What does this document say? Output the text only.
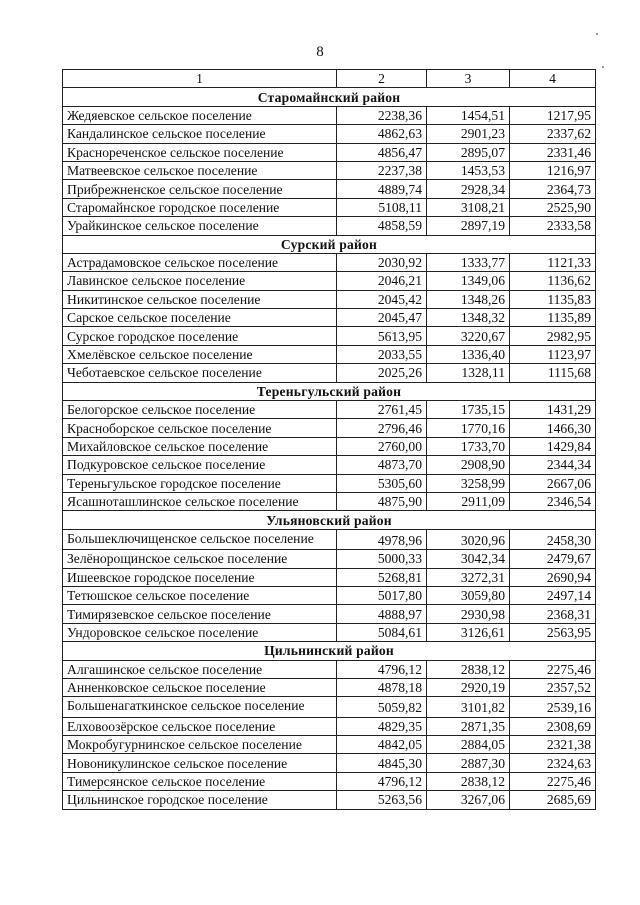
8
1	2	3	4
Старомайнский район			
Жедяевское сельское поселение	2238,36	1454,51	1217,95
Кандалинское сельское поселение	4862,63	2901,23	2337,62
Краснореченское сельское поселение	4856,47	2895,07	2331,46
Матвеевское сельское поселение	2237,38	1453,53	1216,97
Прибрежненское сельское поселение	4889,74	2928,34	2364,73
Старомайнское городское поселение	5108,11	3108,21	2525,90
Урайкинское сельское поселение	4858,59	2897,19	2333,58
Сурский район			
Астрадамовское сельское поселение	2030,92	1333,77	1121,33
Лавинское сельское поселение	2046,21	1349,06	1136,62
Никитинское сельское поселение	2045,42	1348,26	1135,83
Сарское сельское поселение	2045,47	1348,32	1135,89
Сурское городское поселение	5613,95	3220,67	2982,95
Хмелёвское сельское поселение	2033,55	1336,40	1123,97
Чеботаевское сельское поселение	2025,26	1328,11	1115,68
Тереньгульский район			
Белогорское сельское поселение	2761,45	1735,15	1431,29
Красноборское сельское поселение	2796,46	1770,16	1466,30
Михайловское сельское поселение	2760,00	1733,70	1429,84
Подкуровское сельское поселение	4873,70	2908,90	2344,34
Тереньгульское городское поселение	5305,60	3258,99	2667,06
Ясашноташлинское сельское поселение	4875,90	2911,09	2346,54
Ульяновский район			
Большеключищенское сельское поселение	4978,96	3020,96	2458,30
Зелёнорощинское сельское поселение	5000,33	3042,34	2479,67
Ишеевское городское поселение	5268,81	3272,31	2690,94
Тетюшское сельское поселение	5017,80	3059,80	2497,14
Тимирязевское сельское поселение	4888,97	2930,98	2368,31
Ундоровское сельское поселение	5084,61	3126,61	2563,95
Цильнинский район			
Алгашинское сельское поселение	4796,12	2838,12	2275,46
Анненковское сельское поселение	4878,18	2920,19	2357,52
Большенагаткинское сельское поселение	5059,82	3101,82	2539,16
Елховоозёрское сельское поселение	4829,35	2871,35	2308,69
Мокробугурнинское сельское поселение	4842,05	2884,05	2321,38
Новоникулинское сельское поселение	4845,30	2887,30	2324,63
Тимерсянское сельское поселение	4796,12	2838,12	2275,46
Цильнинское городское поселение	5263,56	3267,06	2685,69
